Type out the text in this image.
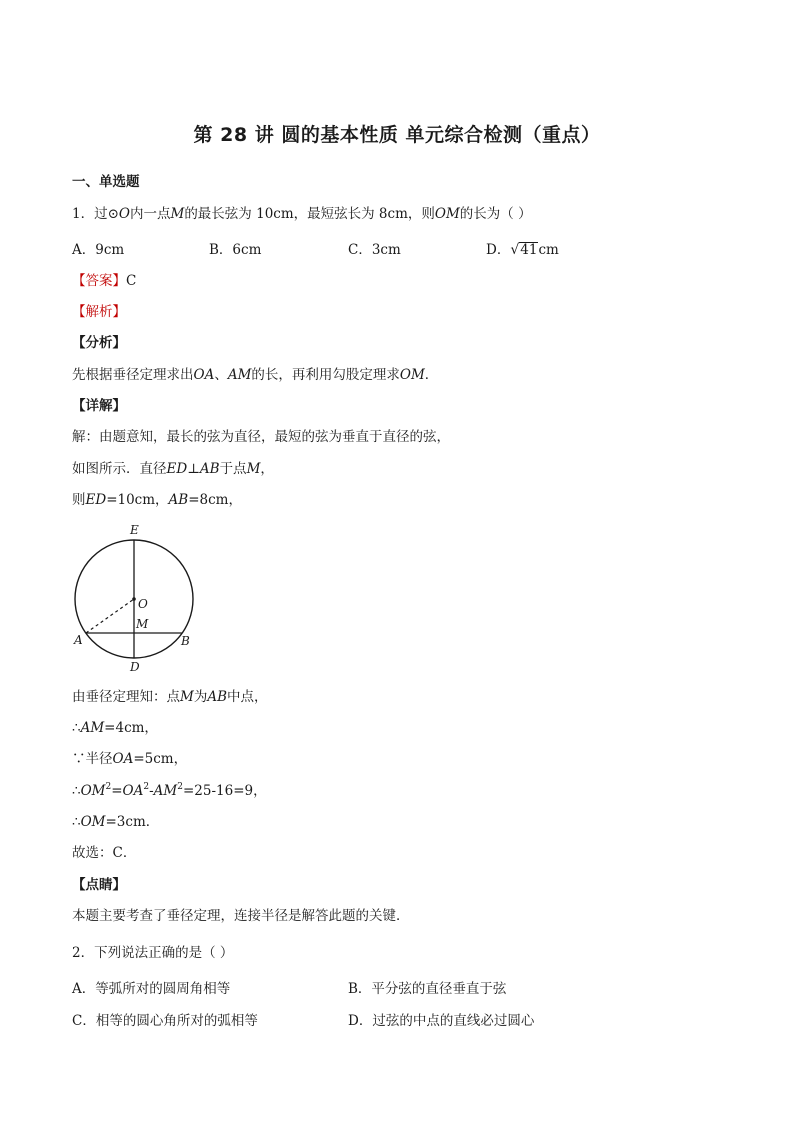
第 28 讲 圆的基本性质 单元综合检测（重点）
一、单选题
1．过⊙O内一点M的最长弦为 10cm，最短弦长为 8cm，则OM的长为（ ）
A．9cm	B．6cm	C．3cm	D．√41cm
【答案】C
【解析】
【分析】
先根据垂径定理求出OA、AM的长，再利用勾股定理求OM．
【详解】
解：由题意知，最长的弦为直径，最短的弦为垂直于直径的弦，
如图所示．直径ED⊥AB于点M，
则ED=10cm，AB=8cm，
E
O
M
A	B
D
由垂径定理知：点M为AB中点，
∴AM=4cm，
∵半径OA=5cm，
$\therefore OM^2=OA^2-AM^2=25-16=9$，
∴OM=3cm．
故选：C．
【点睛】
本题主要考查了垂径定理，连接半径是解答此题的关键．
2．下列说法正确的是（ ）
A．等弧所对的圆周角相等	B．平分弦的直径垂直于弦
C．相等的圆心角所对的弧相等	D．过弦的中点的直线必过圆心
